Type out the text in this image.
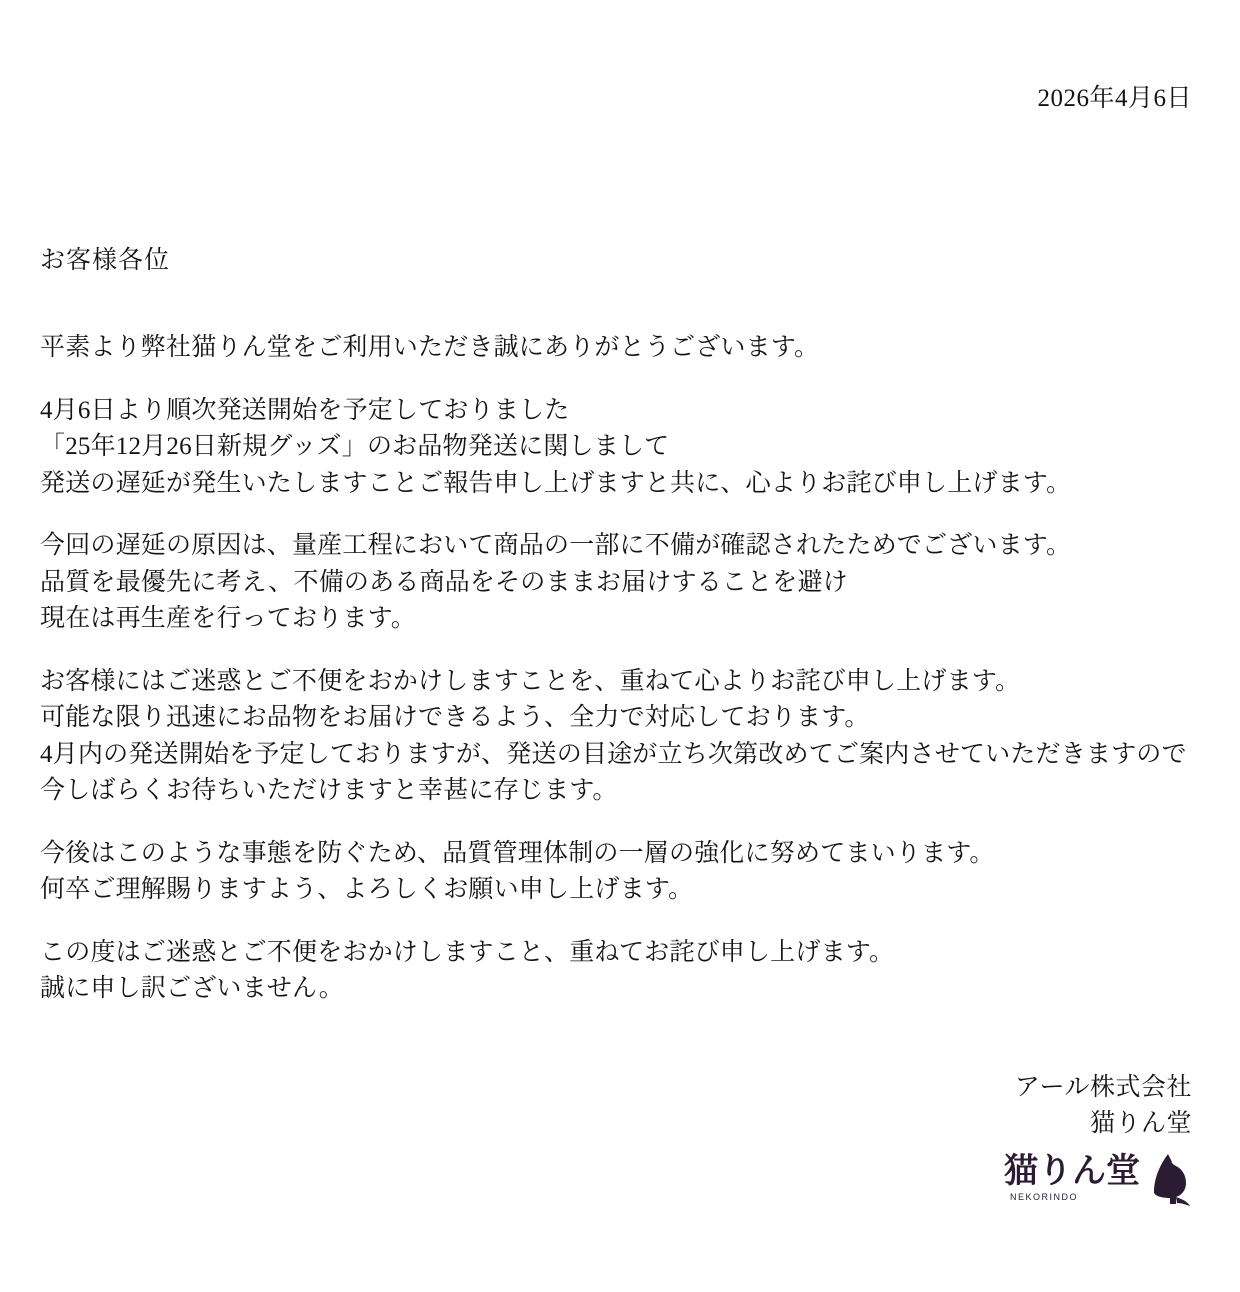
2026年4月6日
お客様各位

平素より弊社猫りん堂をご利用いただき誠にありがとうございます。

4月6日より順次発送開始を予定しておりました
「25年12月26日新規グッズ」のお品物発送に関しまして
発送の遅延が発生いたしますことご報告申し上げますと共に、心よりお詫び申し上げます。

今回の遅延の原因は、量産工程において商品の一部に不備が確認されたためでございます。
品質を最優先に考え、不備のある商品をそのままお届けすることを避け
現在は再生産を行っております。

お客様にはご迷惑とご不便をおかけしますことを、重ねて心よりお詫び申し上げます。
可能な限り迅速にお品物をお届けできるよう、全力で対応しております。
4月内の発送開始を予定しておりますが、発送の目途が立ち次第改めてご案内させていただきますので
今しばらくお待ちいただけますと幸甚に存じます。

今後はこのような事態を防ぐため、品質管理体制の一層の強化に努めてまいります。
何卒ご理解賜りますよう、よろしくお願い申し上げます。

この度はご迷惑とご不便をおかけしますこと、重ねてお詫び申し上げます。
誠に申し訳ございません。

アール株式会社
猫りん堂
猫りん堂
NEKORINDO
